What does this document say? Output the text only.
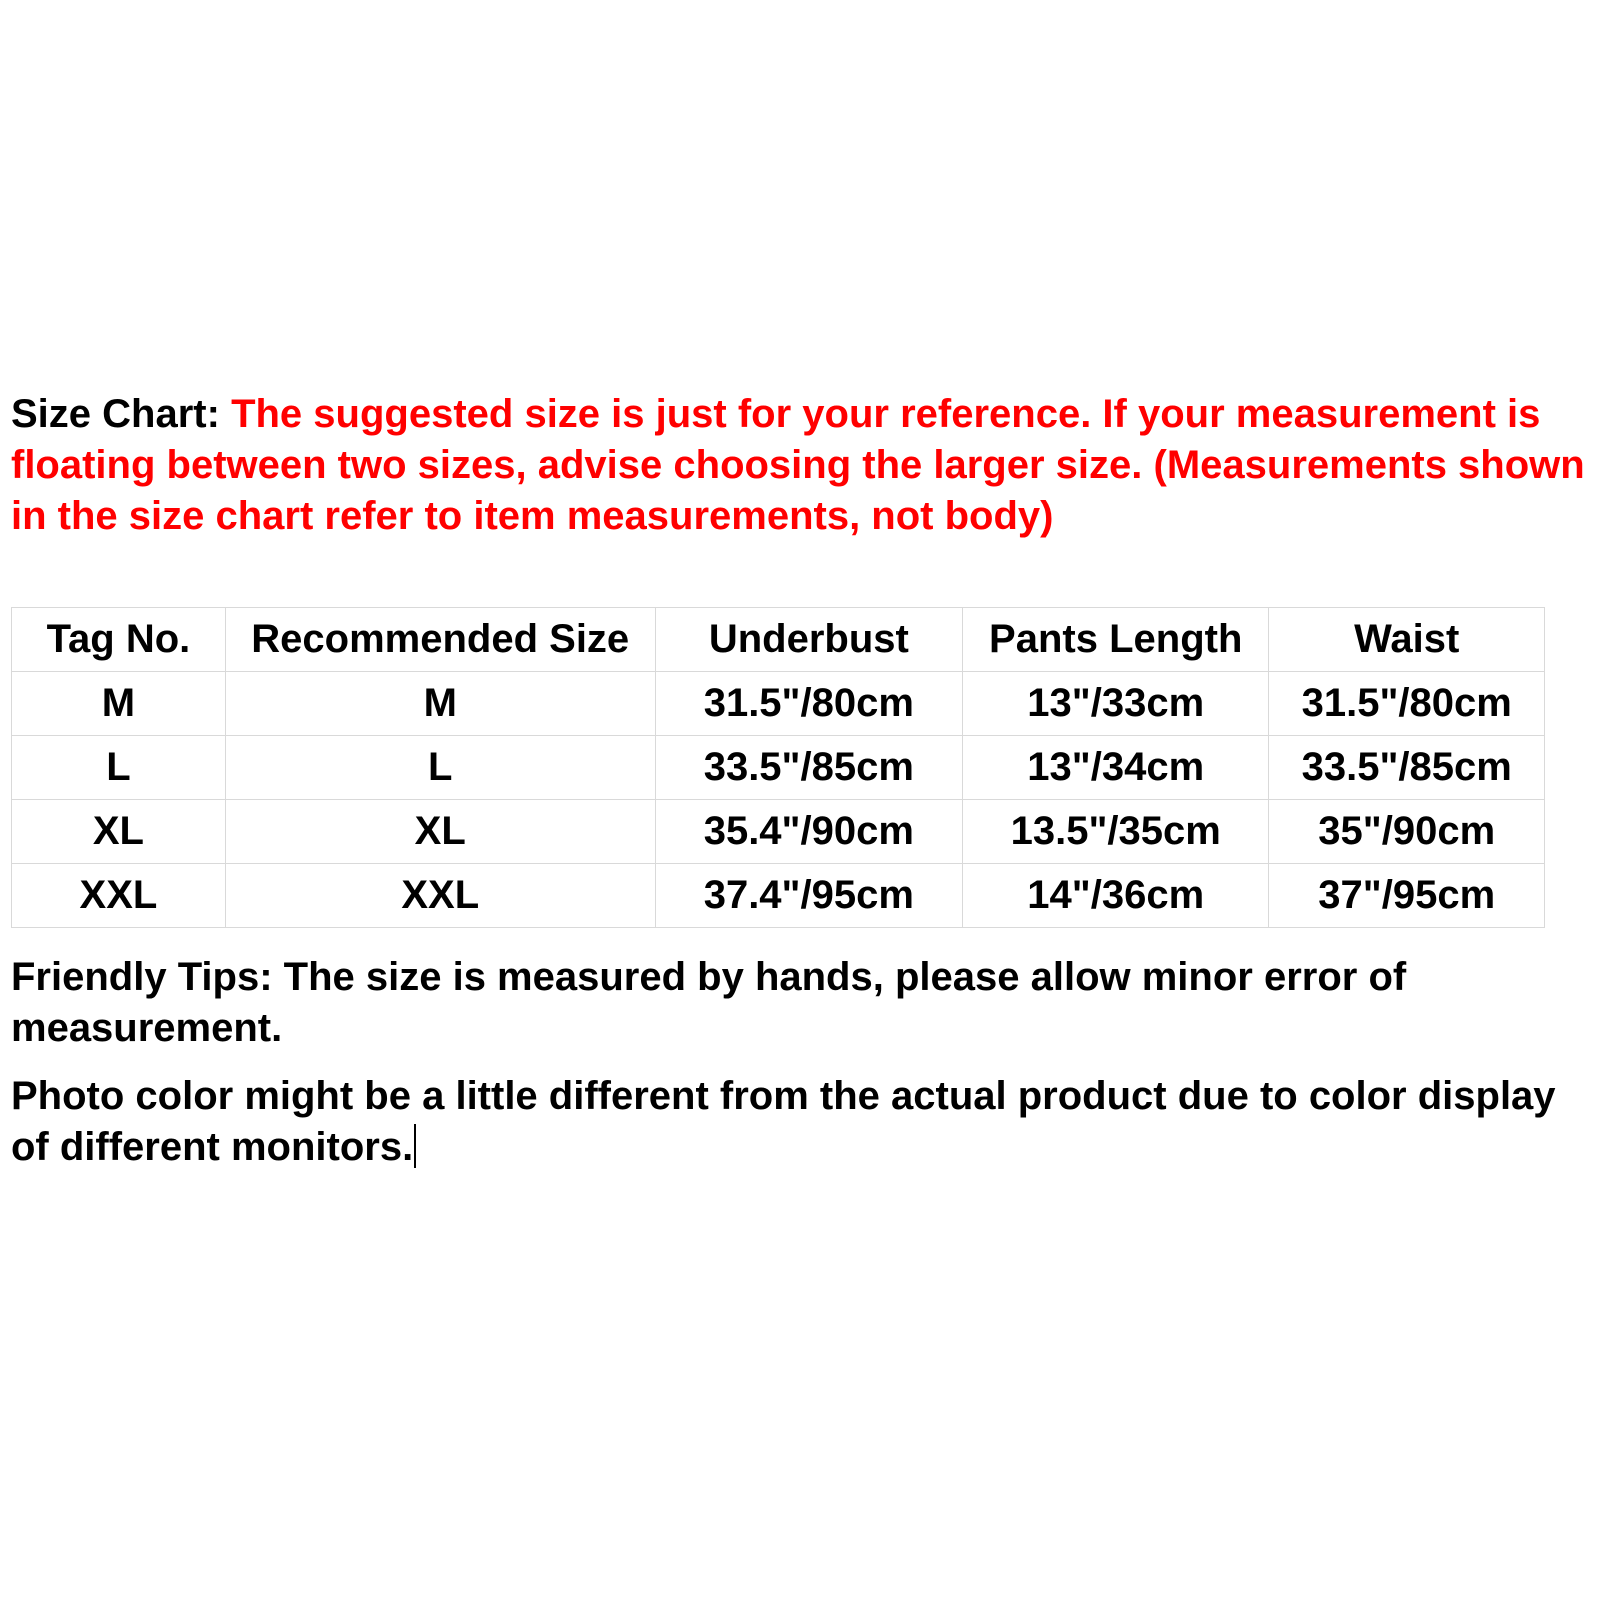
Size Chart: The suggested size is just for your reference. If your measurement is floating between two sizes, advise choosing the larger size. (Measurements shown in the size chart refer to item measurements, not body)

Tag No.	Recommended Size	Underbust	Pants Length	Waist
M	M	31.5"/80cm	13"/33cm	31.5"/80cm
L	L	33.5"/85cm	13"/34cm	33.5"/85cm
XL	XL	35.4"/90cm	13.5"/35cm	35"/90cm
XXL	XXL	37.4"/95cm	14"/36cm	37"/95cm

Friendly Tips: The size is measured by hands, please allow minor error of measurement.

Photo color might be a little different from the actual product due to color display of different monitors.
